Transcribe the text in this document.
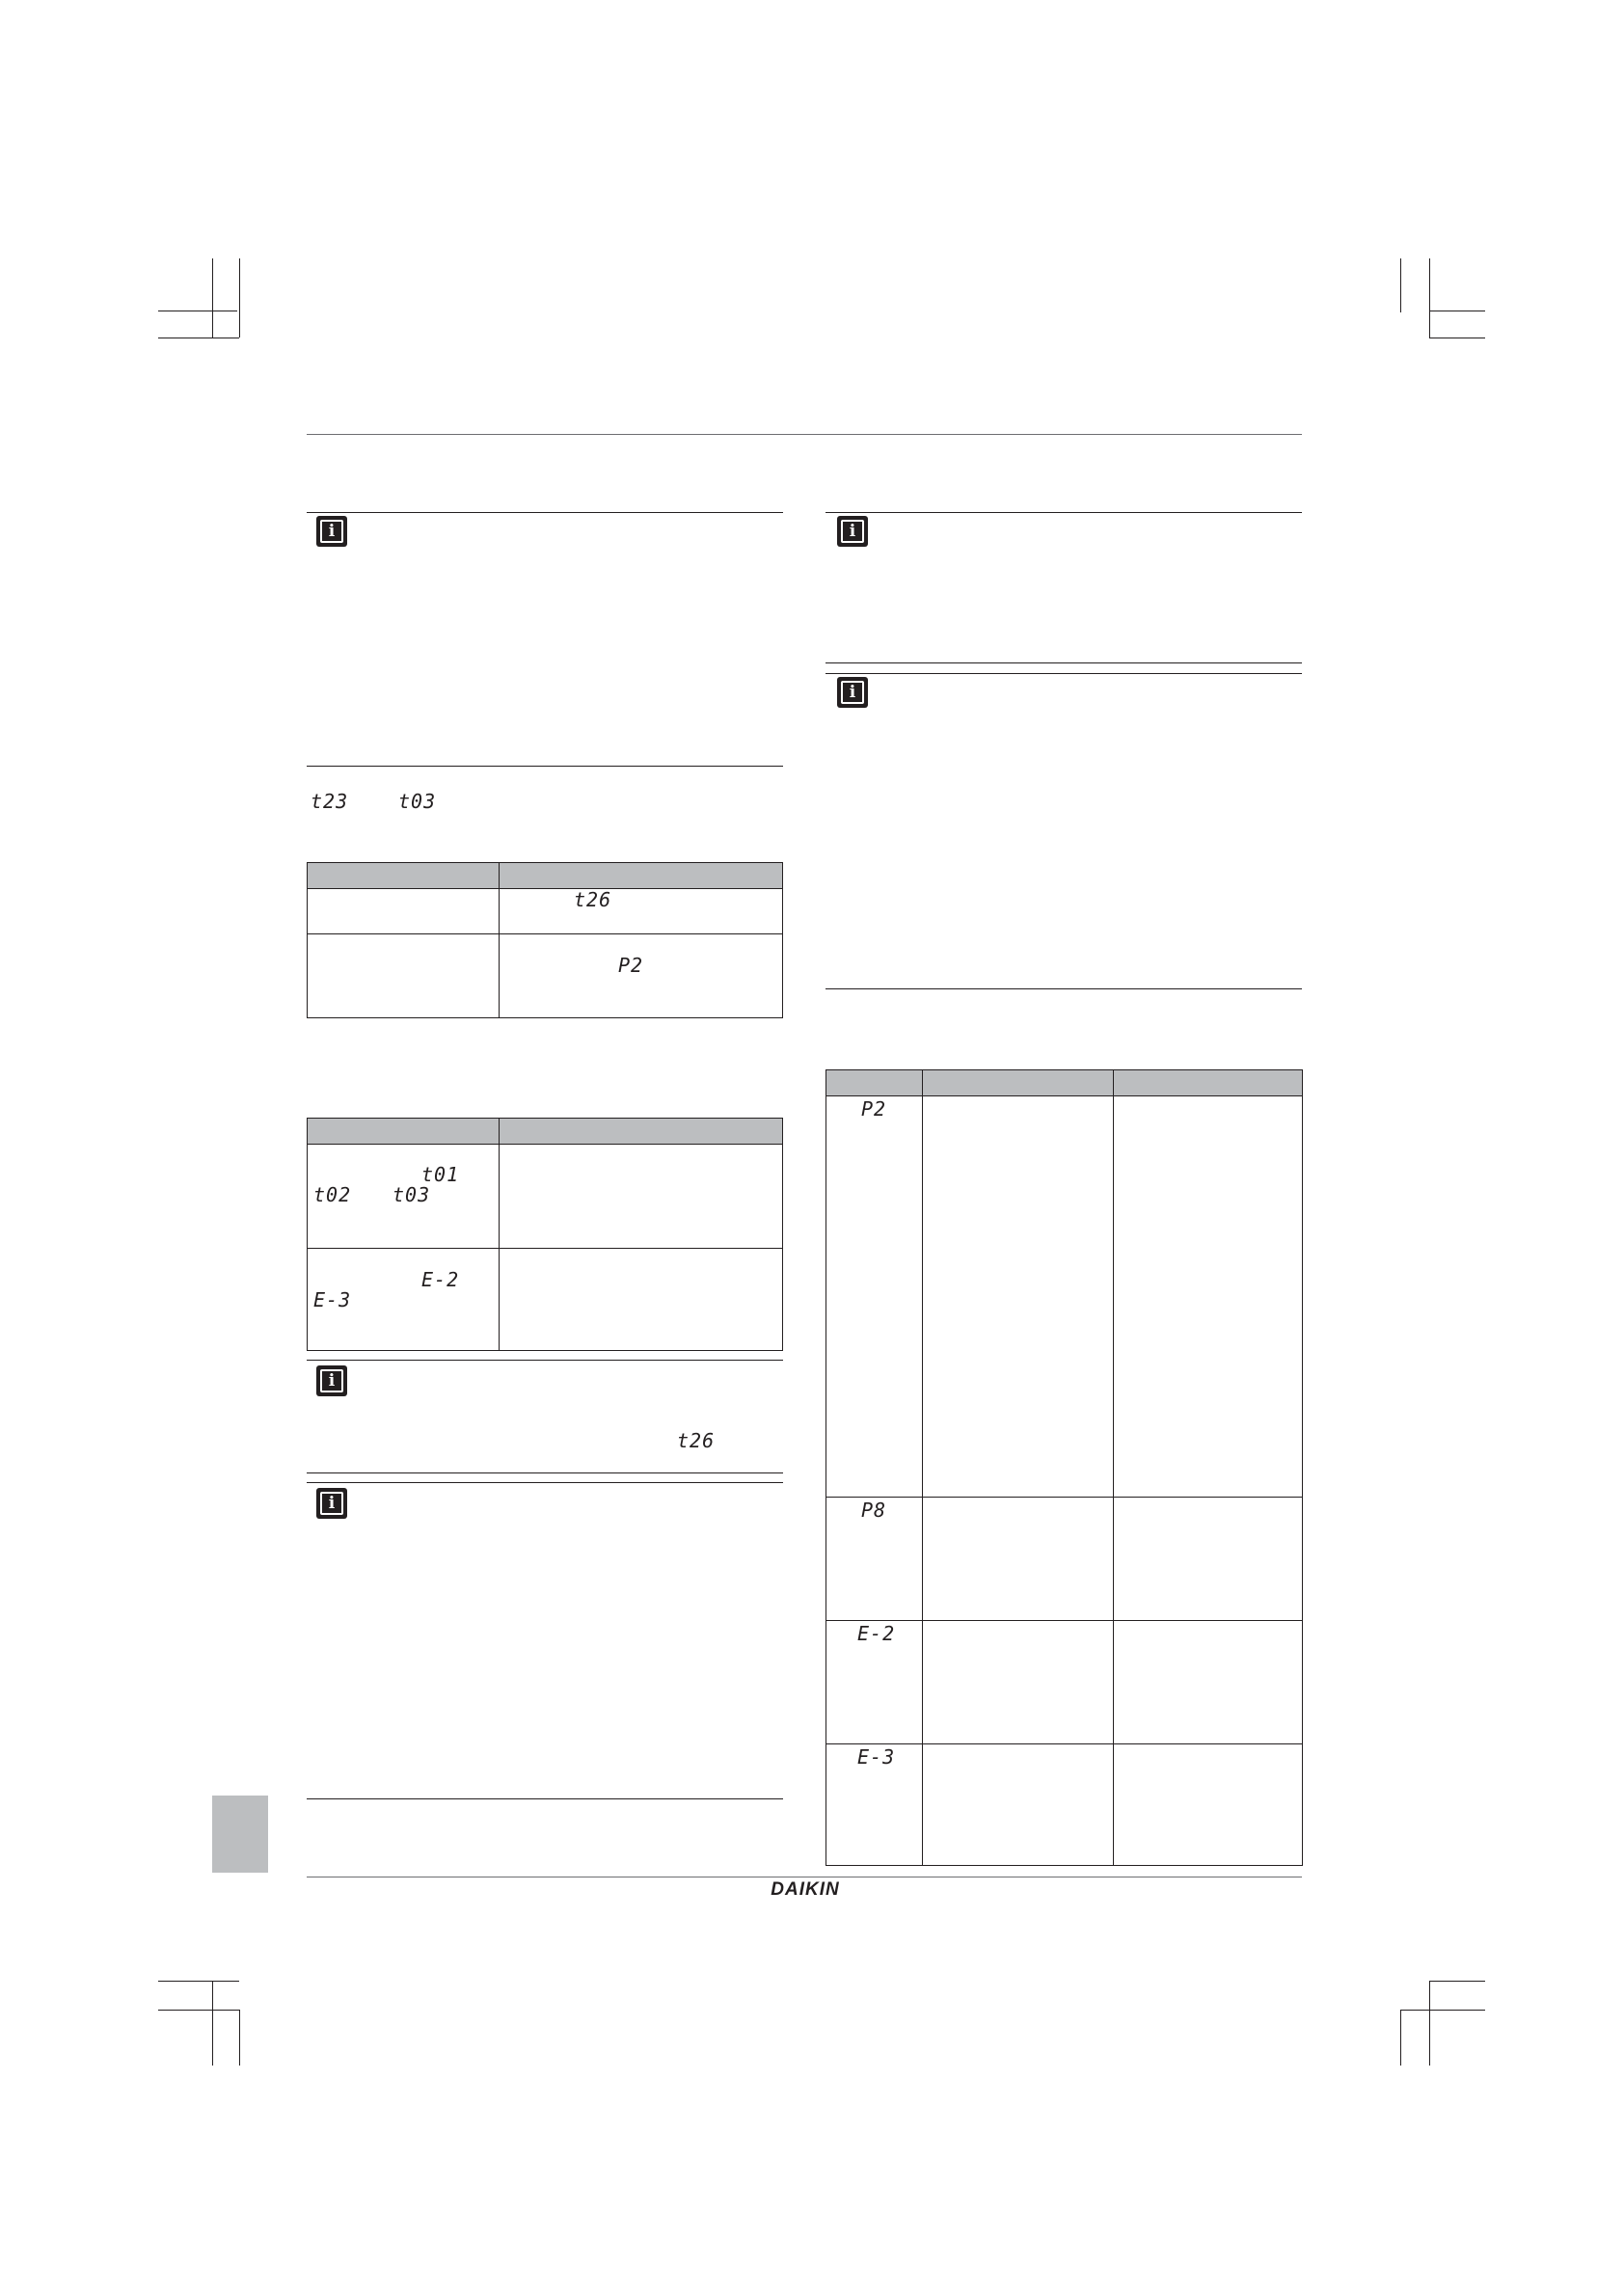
i
t23	t03
t26
P2
t01
t02 t03
E-2
E-3
i
t26
i
i
i
P2
P8
E-2
E-3
DAIKIN
